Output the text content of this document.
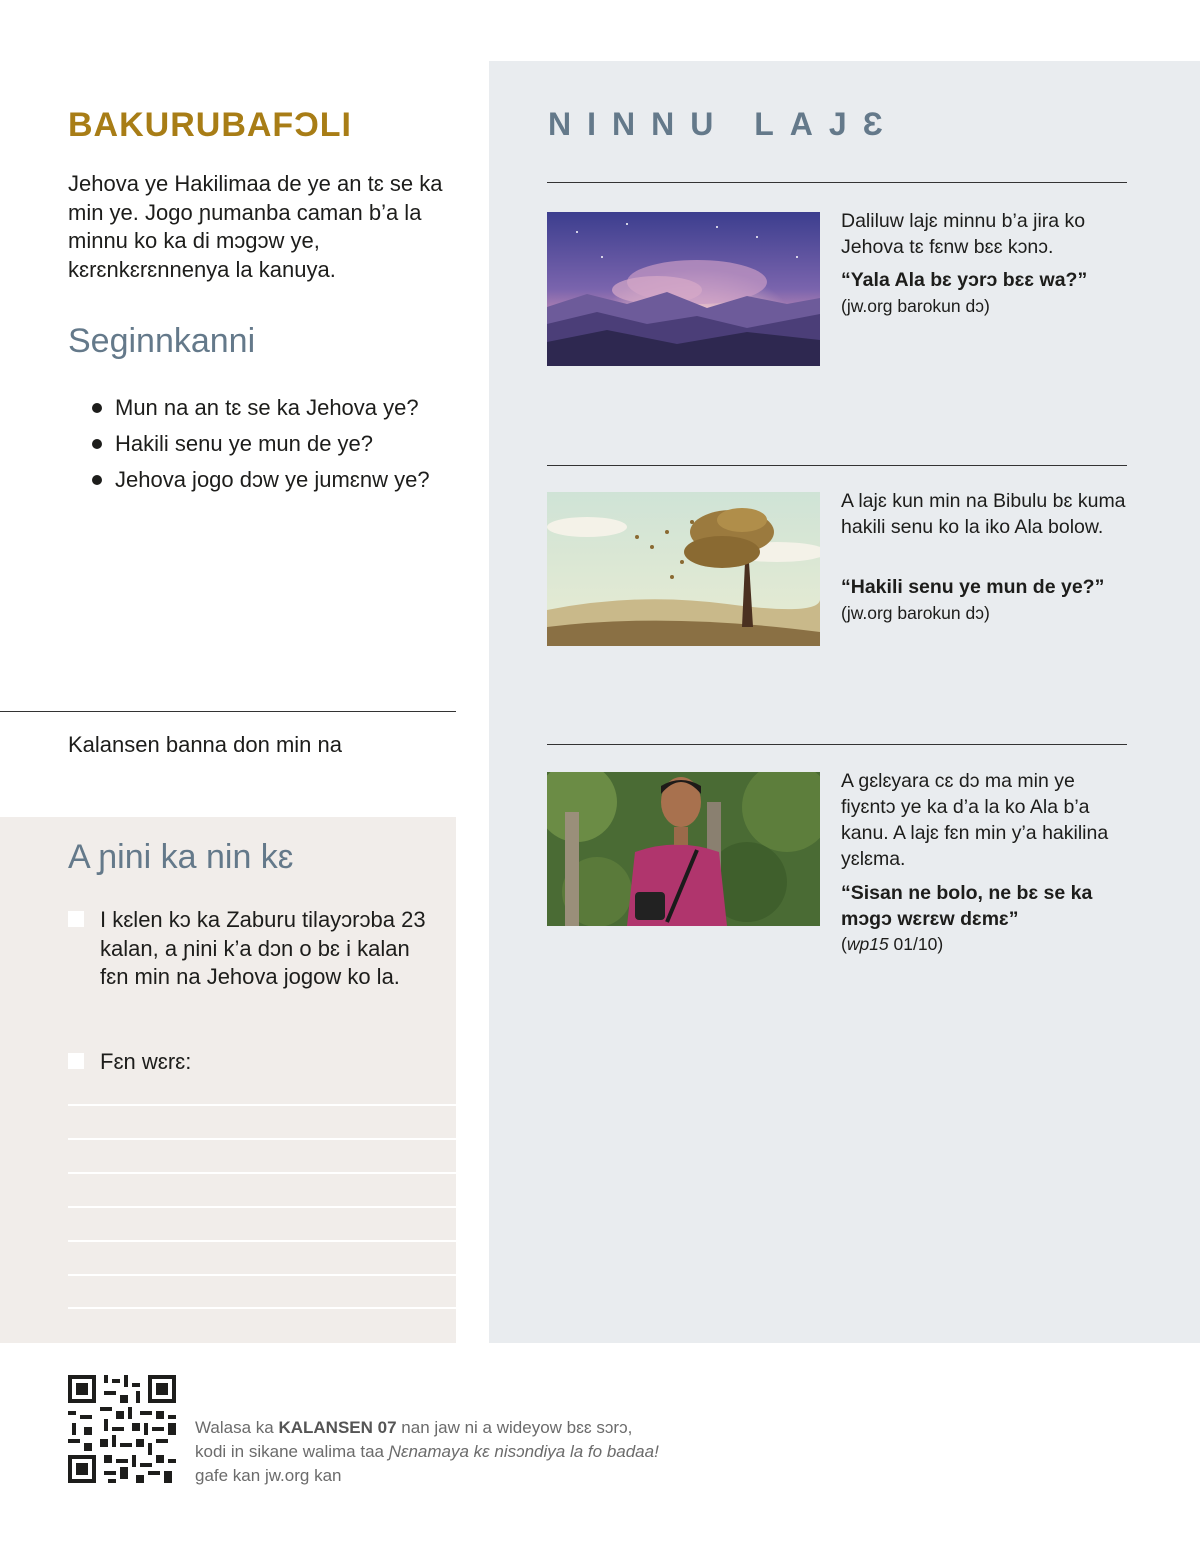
BAKURUBAFƆLI
Jehova ye Hakilimaa de ye an tɛ se ka min ye. Jogo ɲumanba caman b’a la minnu ko ka di mɔgɔw ye, kɛrɛnkɛrɛnnenya la kanuya.
Seginnkanni
Mun na an tɛ se ka Jehova ye?
Hakili senu ye mun de ye?
Jehova jogo dɔw ye jumɛnw ye?
Kalansen banna don min na
A ɲini ka nin kɛ
I kɛlen kɔ ka Zaburu tilayɔrɔba 23 kalan, a ɲini k’a dɔn o bɛ i kalan fɛn min na Jehova jogow ko la.
Fɛn wɛrɛ:
NINNU LAJƐ
Daliluw lajɛ minnu b’a jira ko Jehova tɛ fɛnw bɛɛ kɔnɔ.
“Yala Ala bɛ yɔrɔ bɛɛ wa?”
(jw.org barokun dɔ)
A lajɛ kun min na Bibulu bɛ kuma hakili senu ko la iko Ala bolow.
“Hakili senu ye mun de ye?”
(jw.org barokun dɔ)
A gɛlɛyara cɛ dɔ ma min ye fiyɛntɔ ye ka d’a la ko Ala b’a kanu. A lajɛ fɛn min y’a hakilina yɛlɛma.
“Sisan ne bolo, ne bɛ se ka mɔgɔ wɛrɛw dɛmɛ”
(wp15 01/10)
Walasa ka KALANSEN 07 nan jaw ni a wideyow bɛɛ sɔrɔ,
kodi in sikane walima taa Ɲɛnamaya kɛ nisɔndiya la fo badaa!
gafe kan jw.org kan
